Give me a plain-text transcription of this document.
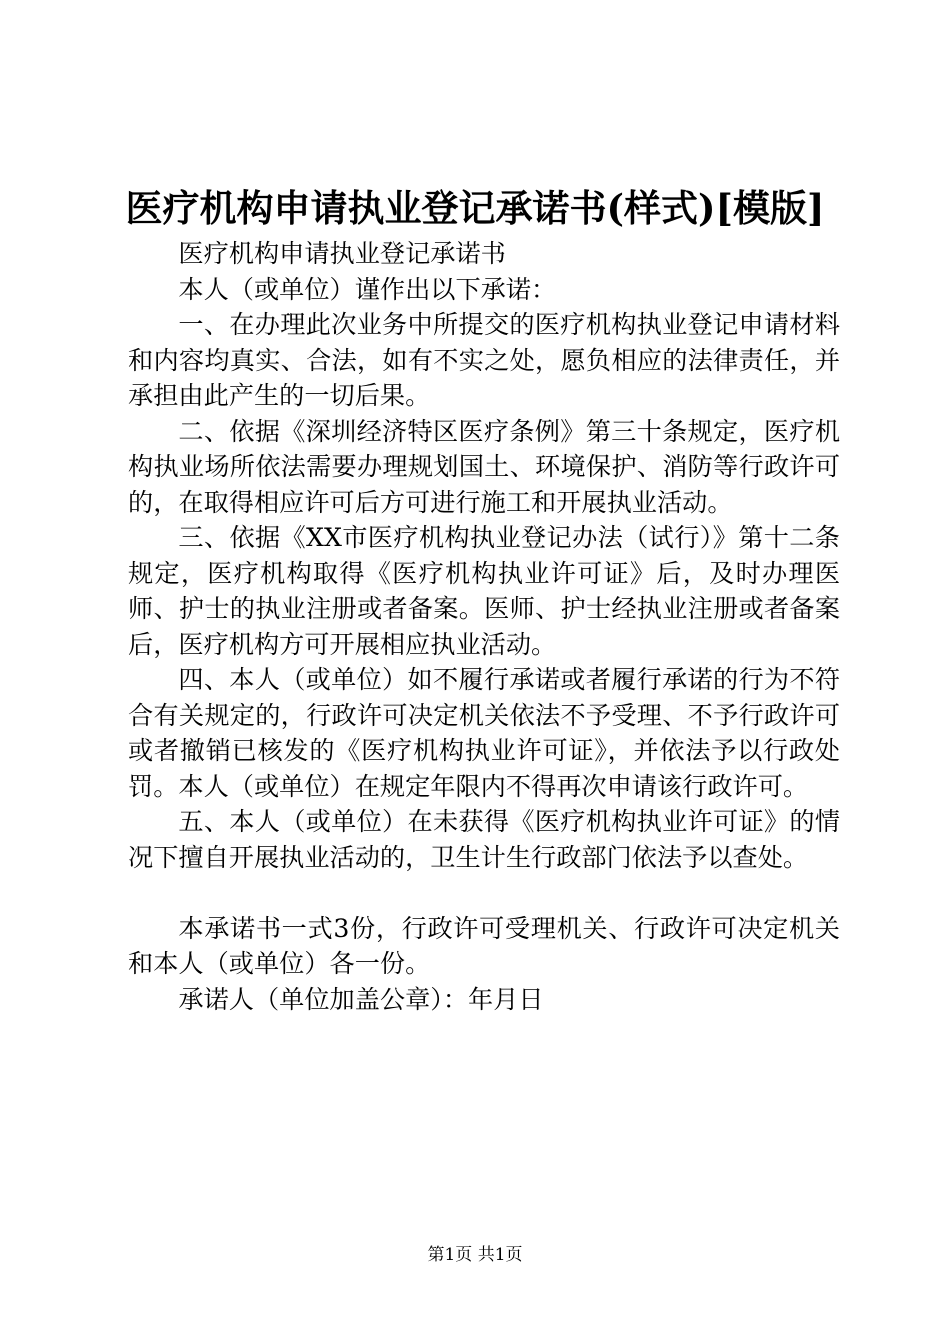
医疗机构申请执业登记承诺书(样式)[模版]

医疗机构申请执业登记承诺书

本人（或单位）谨作出以下承诺：

一、在办理此次业务中所提交的医疗机构执业登记申请材料和内容均真实、合法，如有不实之处，愿负相应的法律责任，并承担由此产生的一切后果。

二、依据《深圳经济特区医疗条例》第三十条规定，医疗机构执业场所依法需要办理规划国土、环境保护、消防等行政许可的，在取得相应许可后方可进行施工和开展执业活动。

三、依据《XX市医疗机构执业登记办法（试行）》第十二条规定，医疗机构取得《医疗机构执业许可证》后，及时办理医师、护士的执业注册或者备案。医师、护士经执业注册或者备案后，医疗机构方可开展相应执业活动。

四、本人（或单位）如不履行承诺或者履行承诺的行为不符合有关规定的，行政许可决定机关依法不予受理、不予行政许可或者撤销已核发的《医疗机构执业许可证》，并依法予以行政处罚。本人（或单位）在规定年限内不得再次申请该行政许可。

五、本人（或单位）在未获得《医疗机构执业许可证》的情况下擅自开展执业活动的，卫生计生行政部门依法予以查处。

本承诺书一式3份，行政许可受理机关、行政许可决定机关和本人（或单位）各一份。

承诺人（单位加盖公章）：年月日

第1页 共1页
